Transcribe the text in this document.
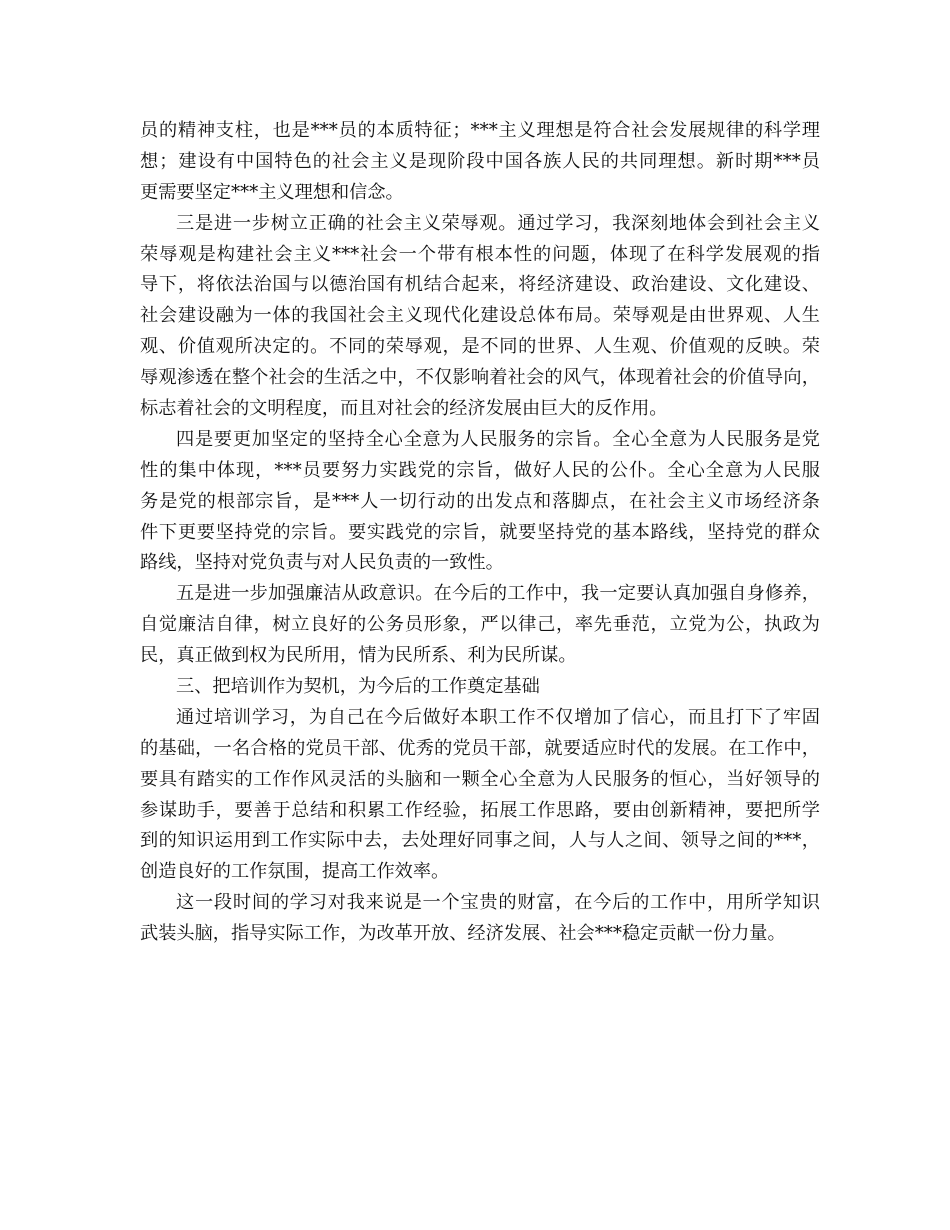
员的精神支柱，也是***员的本质特征；***主义理想是符合社会发展规律的科学理
想；建设有中国特色的社会主义是现阶段中国各族人民的共同理想。新时期***员
更需要坚定***主义理想和信念。
三是进一步树立正确的社会主义荣辱观。通过学习，我深刻地体会到社会主义
荣辱观是构建社会主义***社会一个带有根本性的问题，体现了在科学发展观的指
导下，将依法治国与以德治国有机结合起来，将经济建设、政治建设、文化建设、
社会建设融为一体的我国社会主义现代化建设总体布局。荣辱观是由世界观、人生
观、价值观所决定的。不同的荣辱观，是不同的世界、人生观、价值观的反映。荣
辱观渗透在整个社会的生活之中，不仅影响着社会的风气，体现着社会的价值导向，
标志着社会的文明程度，而且对社会的经济发展由巨大的反作用。
四是要更加坚定的坚持全心全意为人民服务的宗旨。全心全意为人民服务是党
性的集中体现，***员要努力实践党的宗旨，做好人民的公仆。全心全意为人民服
务是党的根部宗旨，是***人一切行动的出发点和落脚点，在社会主义市场经济条
件下更要坚持党的宗旨。要实践党的宗旨，就要坚持党的基本路线，坚持党的群众
路线，坚持对党负责与对人民负责的一致性。
五是进一步加强廉洁从政意识。在今后的工作中，我一定要认真加强自身修养，
自觉廉洁自律，树立良好的公务员形象，严以律己，率先垂范，立党为公，执政为
民，真正做到权为民所用，情为民所系、利为民所谋。
三、把培训作为契机，为今后的工作奠定基础
通过培训学习，为自己在今后做好本职工作不仅增加了信心，而且打下了牢固
的基础，一名合格的党员干部、优秀的党员干部，就要适应时代的发展。在工作中，
要具有踏实的工作作风灵活的头脑和一颗全心全意为人民服务的恒心，当好领导的
参谋助手，要善于总结和积累工作经验，拓展工作思路，要由创新精神，要把所学
到的知识运用到工作实际中去，去处理好同事之间，人与人之间、领导之间的***，
创造良好的工作氛围，提高工作效率。
这一段时间的学习对我来说是一个宝贵的财富，在今后的工作中，用所学知识
武装头脑，指导实际工作，为改革开放、经济发展、社会***稳定贡献一份力量。
